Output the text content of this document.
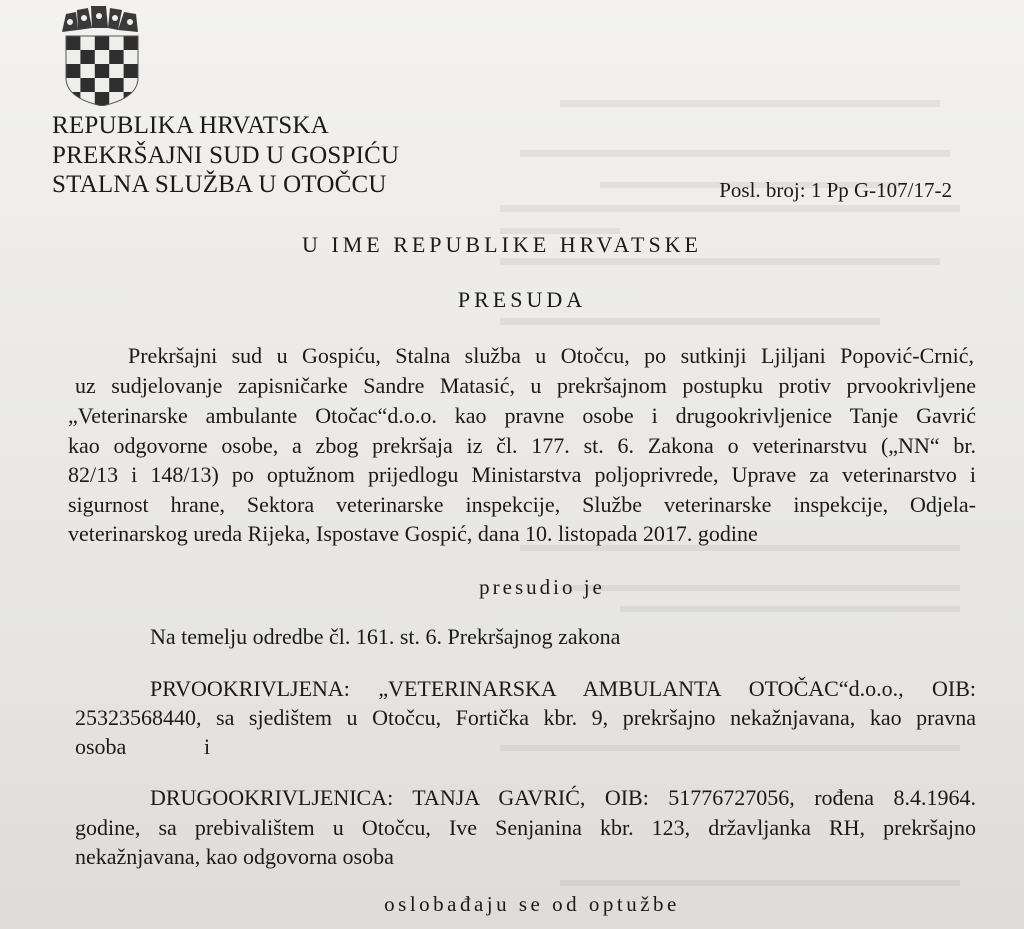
REPUBLIKA HRVATSKA
PREKRŠAJNI SUD U GOSPIĆU
STALNA SLUŽBA U OTOČCU	Posl. broj: 1 Pp G-107/17-2
U IME REPUBLIKE HRVATSKE
PRESUDA
Prekršajni sud u Gospiću, Stalna služba u Otočcu, po sutkinji Ljiljani Popović-Crnić,
uz sudjelovanje zapisničarke Sandre Matasić, u prekršajnom postupku protiv prvookrivljene
„Veterinarske ambulante Otočac“d.o.o. kao pravne osobe i drugookrivljenice Tanje Gavrić
kao odgovorne osobe, a zbog prekršaja iz čl. 177. st. 6. Zakona o veterinarstvu („NN“ br.
82/13 i 148/13) po optužnom prijedlogu Ministarstva poljoprivrede, Uprave za veterinarstvo i
sigurnost hrane, Sektora veterinarske inspekcije, Službe veterinarske inspekcije, Odjela-
veterinarskog ureda Rijeka, Ispostave Gospić, dana 10. listopada 2017. godine
presudio je
Na temelju odredbe čl. 161. st. 6. Prekršajnog zakona
PRVOOKRIVLJENA: „VETERINARSKA AMBULANTA OTOČAC“d.o.o., OIB:
25323568440, sa sjedištem u Otočcu, Fortička kbr. 9, prekršajno nekažnjavana, kao pravna
osoba	i
DRUGOOKRIVLJENICA: TANJA GAVRIĆ, OIB: 51776727056, rođena 8.4.1964.
godine, sa prebivalištem u Otočcu, Ive Senjanina kbr. 123, državljanka RH, prekršajno
nekažnjavana, kao odgovorna osoba
oslobađaju se od optužbe
